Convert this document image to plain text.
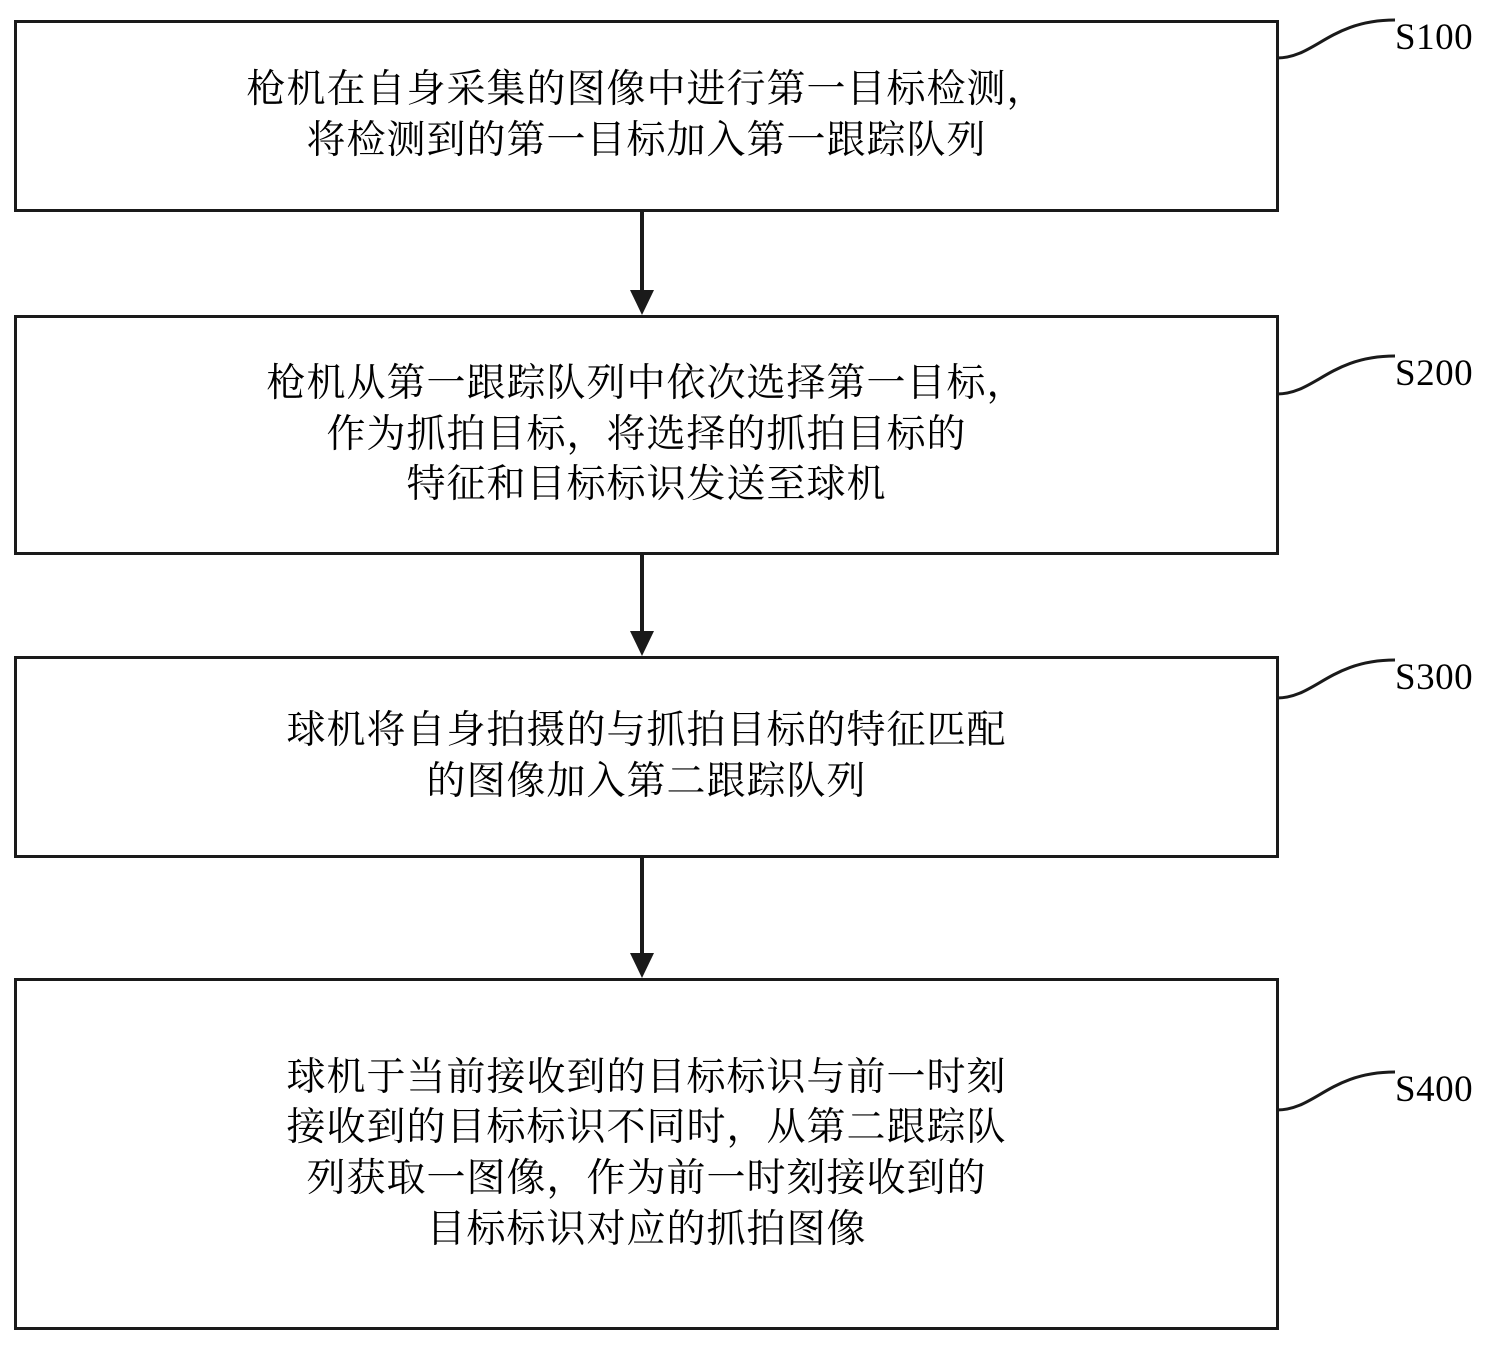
枪机在自身采集的图像中进行第一目标检测，
将检测到的第一目标加入第一跟踪队列
S100
枪机从第一跟踪队列中依次选择第一目标，
作为抓拍目标，将选择的抓拍目标的
特征和目标标识发送至球机
S200
球机将自身拍摄的与抓拍目标的特征匹配
的图像加入第二跟踪队列
S300
球机于当前接收到的目标标识与前一时刻
接收到的目标标识不同时，从第二跟踪队
列获取一图像，作为前一时刻接收到的
目标标识对应的抓拍图像
S400
